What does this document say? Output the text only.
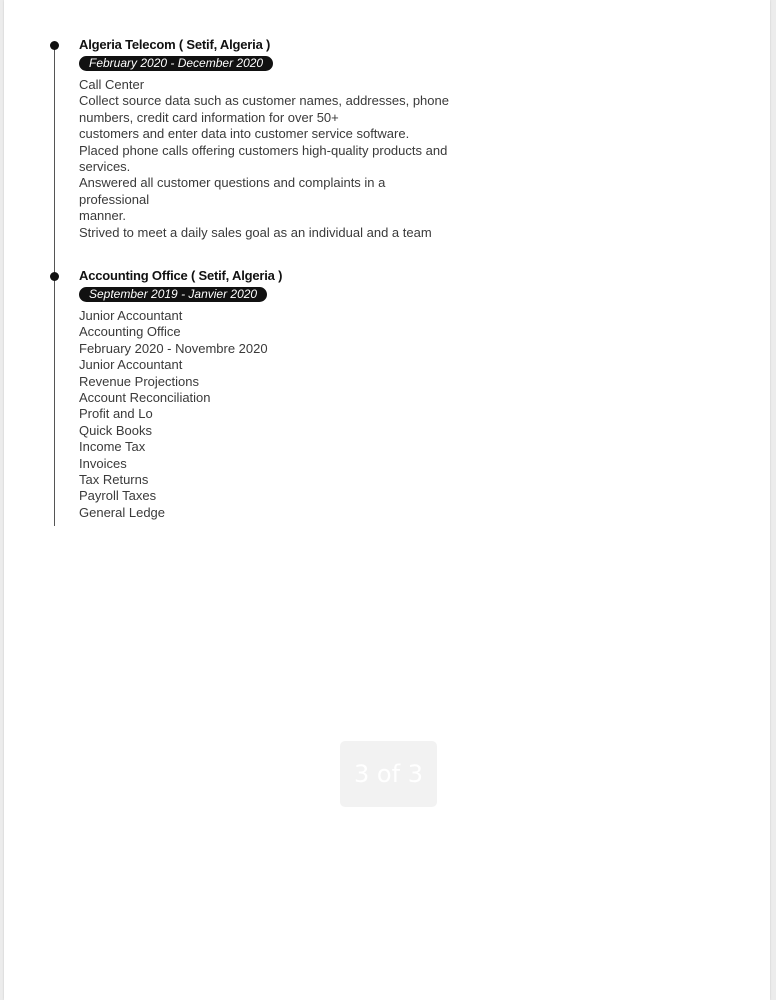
Algeria Telecom ( Setif, Algeria )
February 2020 - December 2020
Call Center
Collect source data such as customer names, addresses, phone
numbers, credit card information for over 50+
customers and enter data into customer service software.
Placed phone calls offering customers high-quality products and
services.
Answered all customer questions and complaints in a
professional
manner.
Strived to meet a daily sales goal as an individual and a team
Accounting Office ( Setif, Algeria )
September 2019 - Janvier 2020
Junior Accountant
Accounting Office
February 2020 - Novembre 2020
Junior Accountant
Revenue Projections
Account Reconciliation
Profit and Lo
Quick Books
Income Tax
Invoices
Tax Returns
Payroll Taxes
General Ledge
3 of 3
